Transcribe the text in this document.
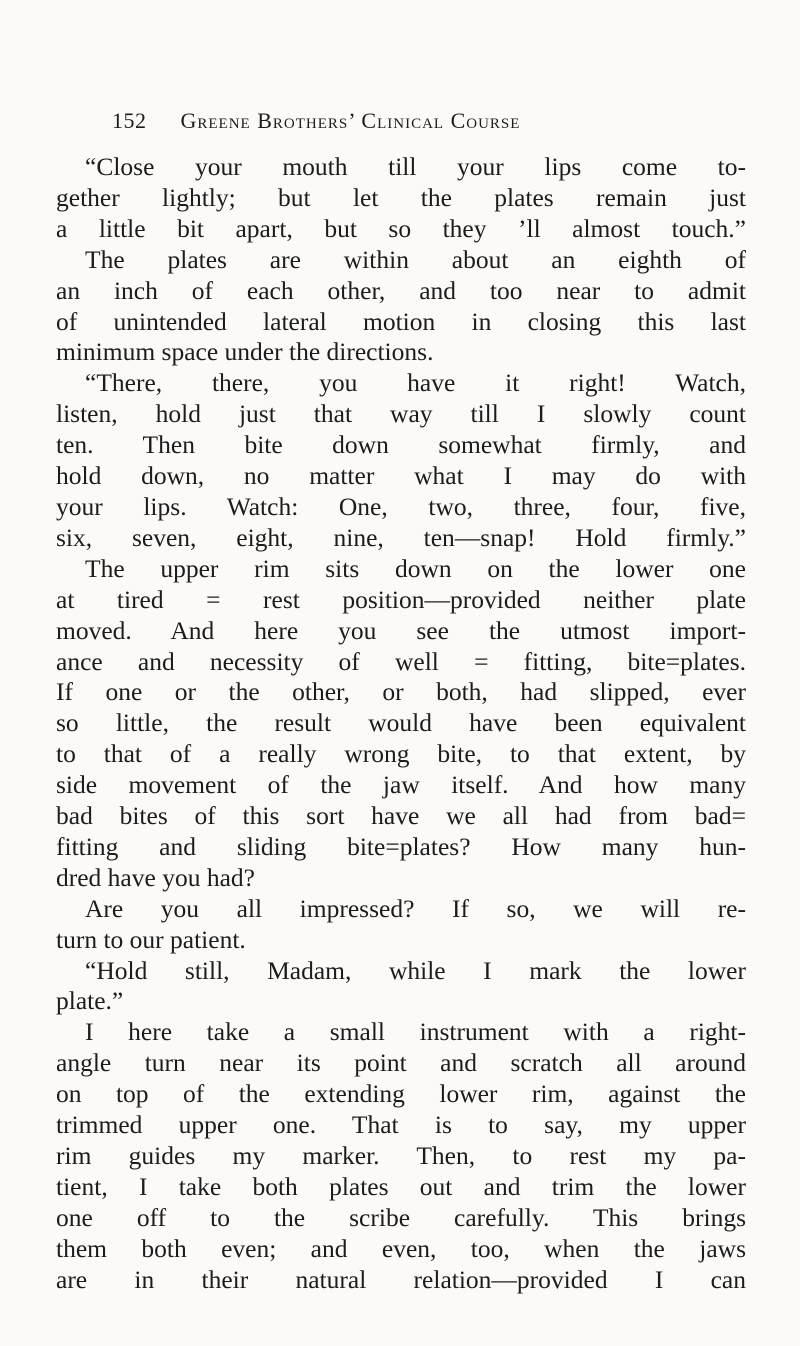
152 Greene Brothers’ Clinical Course
“Close your mouth till your lips come to-
gether lightly; but let the plates remain just
a little bit apart, but so they ’ll almost touch.”
The plates are within about an eighth of
an inch of each other, and too near to admit
of unintended lateral motion in closing this last
minimum space under the directions.
“There, there, you have it right! Watch,
listen, hold just that way till I slowly count
ten. Then bite down somewhat firmly, and
hold down, no matter what I may do with
your lips. Watch: One, two, three, four, five,
six, seven, eight, nine, ten—snap! Hold firmly.”
The upper rim sits down on the lower one
at tired = rest position—provided neither plate
moved. And here you see the utmost import-
ance and necessity of well = fitting, bite=plates.
If one or the other, or both, had slipped, ever
so little, the result would have been equivalent
to that of a really wrong bite, to that extent, by
side movement of the jaw itself. And how many
bad bites of this sort have we all had from bad=
fitting and sliding bite=plates? How many hun-
dred have you had?
Are you all impressed? If so, we will re-
turn to our patient.
“Hold still, Madam, while I mark the lower
plate.”
I here take a small instrument with a right-
angle turn near its point and scratch all around
on top of the extending lower rim, against the
trimmed upper one. That is to say, my upper
rim guides my marker. Then, to rest my pa-
tient, I take both plates out and trim the lower
one off to the scribe carefully. This brings
them both even; and even, too, when the jaws
are in their natural relation—provided I can
